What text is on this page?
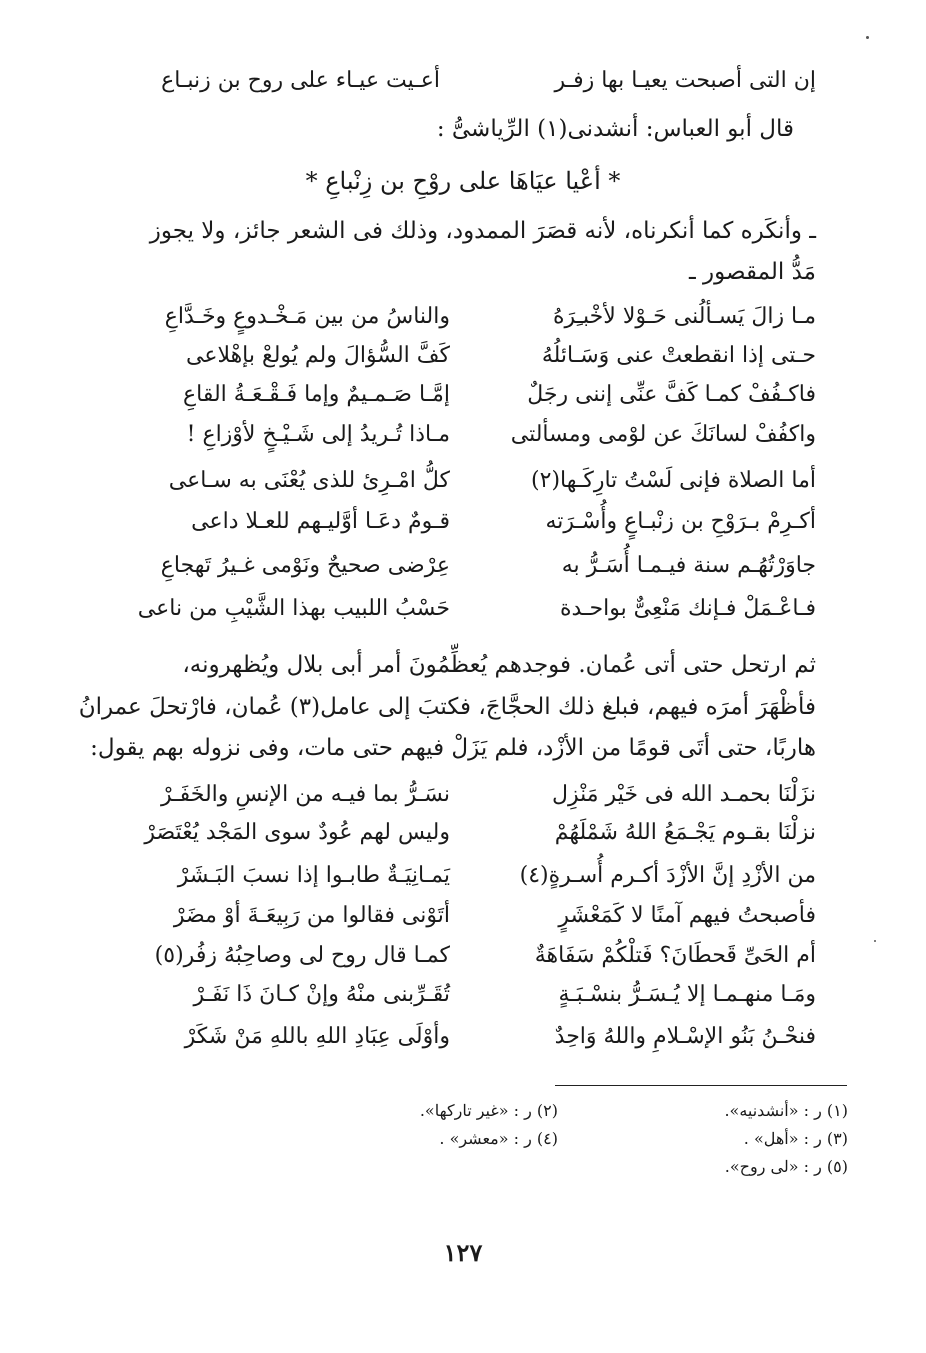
إن التى أصبحت يعيـا بها زفـر
أعـيت عيـاء على روح بن زنبـاع
قال أبو العباس: أنشدنى(١) الرِّياشىُّ :
* أعْيا عيَاهَا على روْحِ بن زِنْباعِ *
ـ وأنكَره كما أنكرناه، لأنه قصَرَ الممدود، وذلك فى الشعر جائز، ولا يجوز
مَدُّ المقصور ـ
مـا زالَ يَسـألُنى حَـوْلا لأخْبـِرَهُ
والناسُ من بين مَـخْـدوعٍ وخَـدَّاعِ
حـتى إذا انقطعتْ عنى وَسَـائلُهُ
كَفَّ السُّؤالَ ولم يُولعْ بإهْلاعى
فاكـفُفْ كمـا كَفَّ عنِّى إننى رجَلٌ
إمَّـا صَـمـيمٌ وإما فَـقْـعَـةُ القاعِ
واكفُفْ لسانَكَ عن لوْمى ومسألتى
مـاذا تُـريدُ إلى شَـيْـخٍ لأوْزاعِ !
أما الصلاة فإنى لَسْتُ تارِكَـها(٢)
كلُّ امْـرِئ للذى يُعْنَى به سـاعى
أكـرِمْ بـرَوْحِ بن زنْبـاعٍ وأُسْـرَته
قـومٌ دعَـا أوَّليـهم للعـلا داعى
جاوَرْتُهُـم سنة فيـمـا أُسَـرُّ به
عِرْضى صحيحٌ ونَوْمى غـيرُ تَهجاعِ
فـاعْـمَلْ فـإنك مَنْعِىٌّ بواحـدة
حَسْبُ اللبيب بهذا الشَّيْبِ من ناعى
ثم ارتحل حتى أتى عُمان. فوجدهم يُعظِّمُونَ أمر أبى بلال ويُظهرونه،
فأظْهَرَ أمرَه فيهم، فبلغ ذلك الحجَّاجَ، فكتبَ إلى عامل(٣) عُمان، فارْتحلَ عمرانُ
هاربًا، حتى أتَى قومًا من الأزْد، فلم يَزَلْ فيهم حتى مات، وفى نزوله بهم يقول:
نزَلْنَا بحمـد الله فى خَيْر مَنْزِل
نسَـرُّ بما فيـه من الإنسِ والخَفَـرْ
نزلْنَا بقـوم يَجْـمَعُ اللهُ شَمْلَهُمْ
وليس لهم عُودٌ سوى المَجْد يُعْتَصَرْ
من الأزْدِ إنَّ الأزْدَ أكـرم أُسـرةٍ(٤)
يَمـانِيَـةٌ طابـوا إذا نسبَ البَـشَرْ
فأصبحتُ فيهم آمنًا لا كَمَعْشَرٍ
أتَوْنى فقالوا من رَبِيعَـةَ أوْ مضَرْ
أم الحَىِّ قَحطَانَ؟ فَتلْكُمْ سَفَاهَةٌ
كمـا قال روح لى وصاحِبُهُ زفُر(٥)
ومَـا منهـمـا إلا يُـسَـرُّ بنسْـبَـةٍ
تُقَـرِّبنى منْهُ وإنْ كـانَ ذَا نَفَـرْ
فنحْـنُ بَنُو الإسْـلامِ واللهُ وَاحِدٌ
وأوْلَى عِبَادِ اللهِ باللهِ مَنْ شَكَرْ
(١) ر : «أنشدنيه».
(٢) ر : «غير تاركها».
(٣) ر : «أهل» .
(٤) ر : «معشر» .
(٥) ر : «لى روح».
١٢٧
